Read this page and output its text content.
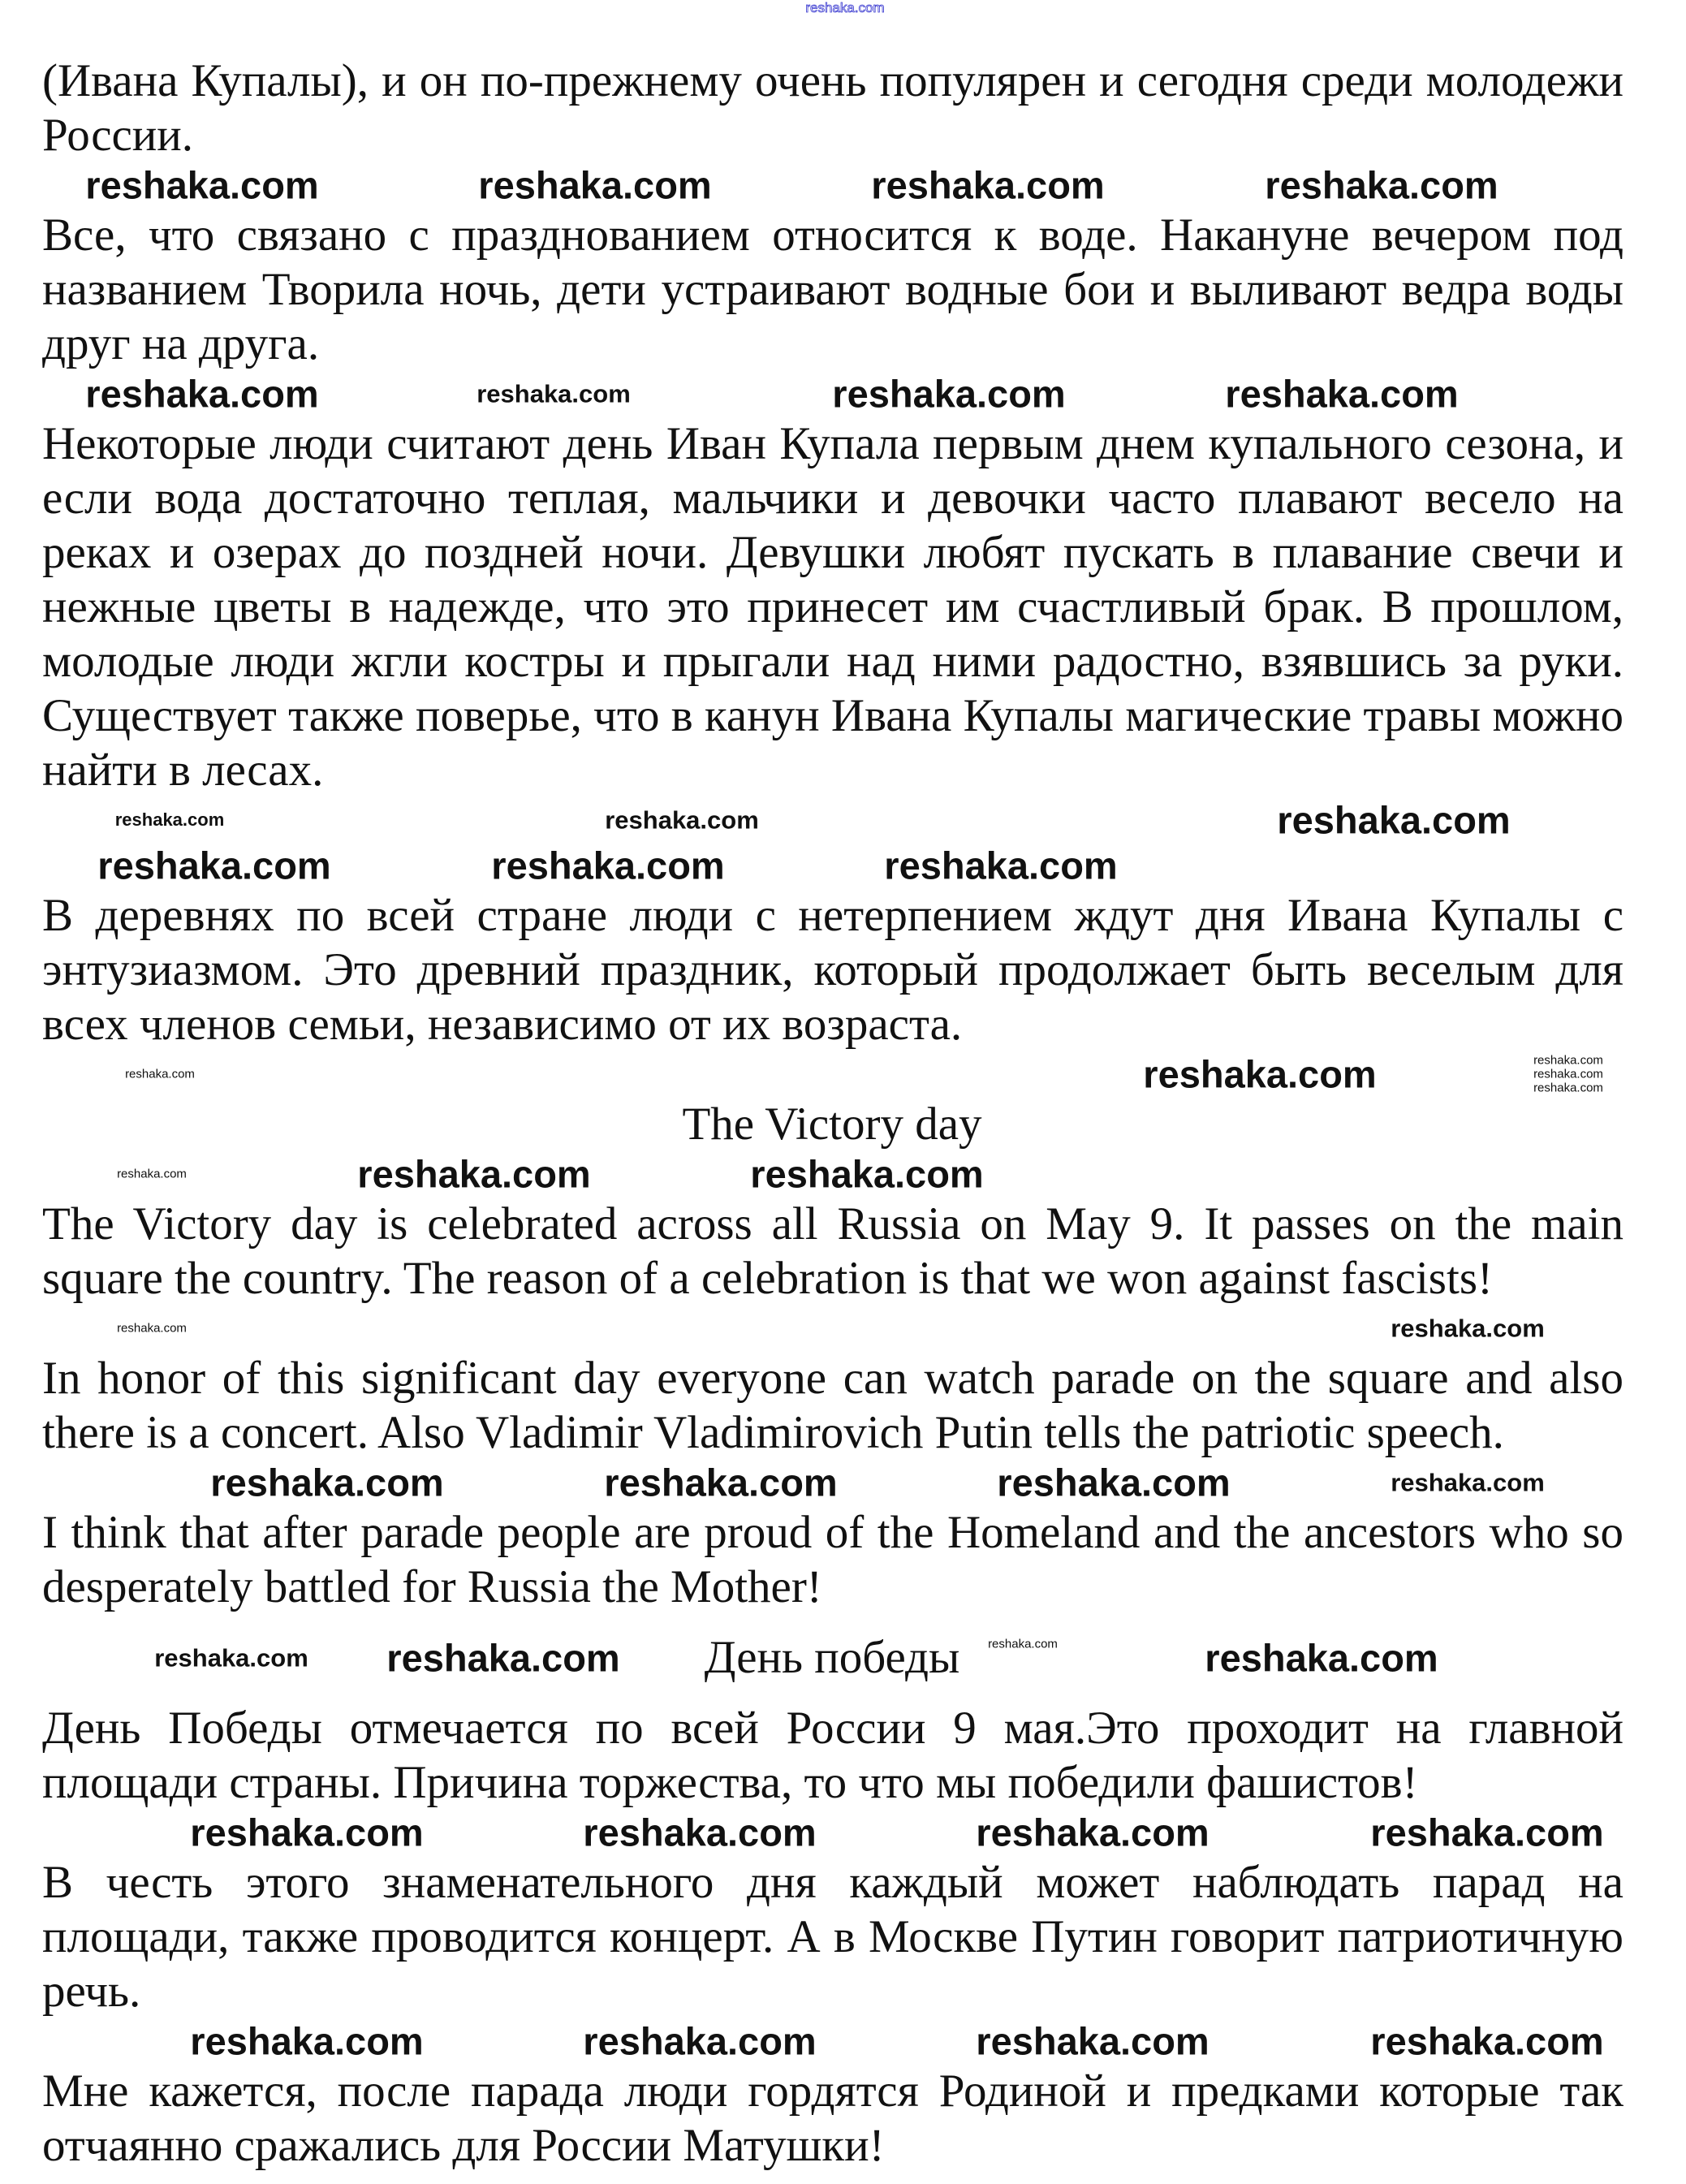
reshaka.com

(Ивана Купалы), и он по-прежнему очень популярен и сегодня среди молодежи России.

reshaka.com	reshaka.com	reshaka.com	reshaka.com

Все, что связано с празднованием относится к воде. Накануне вечером под названием Творила ночь, дети устраивают водные бои и выливают ведра воды друг на друга.

reshaka.com	reshaka.com	reshaka.com	reshaka.com

Некоторые люди считают день Иван Купала первым днем купального сезона, и если вода достаточно теплая, мальчики и девочки часто плавают весело на реках и озерах до поздней ночи. Девушки любят пускать в плавание свечи и нежные цветы в надежде, что это принесет им счастливый брак. В прошлом, молодые люди жгли костры и прыгали над ними радостно, взявшись за руки. Существует также поверье, что в канун Ивана Купалы магические травы можно найти в лесах.

reshaka.com	reshaka.com	reshaka.com
reshaka.com	reshaka.com	reshaka.com

В деревнях по всей стране люди с нетерпением ждут дня Ивана Купалы с энтузиазмом. Это древний праздник, который продолжает быть веселым для всех членов семьи, независимо от их возраста.

reshaka.com	reshaka.com	reshaka.com
reshaka.com
reshaka.com
The Victory day
reshaka.com	reshaka.com	reshaka.com

The Victory day is celebrated across all Russia on May 9. It passes on the main square the country. The reason of a celebration is that we won against fascists!

reshaka.com	reshaka.com

In honor of this significant day everyone can watch parade on the square and also there is a concert. Also Vladimir Vladimirovich Putin tells the patriotic speech.

reshaka.com	reshaka.com	reshaka.com	reshaka.com

I think that after parade people are proud of the Homeland and the ancestors who so desperately battled for Russia the Mother!

reshaka.com reshaka.com День победы reshaka.com	reshaka.com

День Победы отмечается по всей России 9 мая.Это проходит на главной площади страны. Причина торжества, то что мы победили фашистов!

reshaka.com	reshaka.com	reshaka.com	reshaka.com

В честь этого знаменательного дня каждый может наблюдать парад на площади, также проводится концерт. А в Москве Путин говорит патриотичную речь.

reshaka.com	reshaka.com	reshaka.com	reshaka.com

Мне кажется, после парада люди гордятся Родиной и предками которые так отчаянно сражались для России Матушки!
